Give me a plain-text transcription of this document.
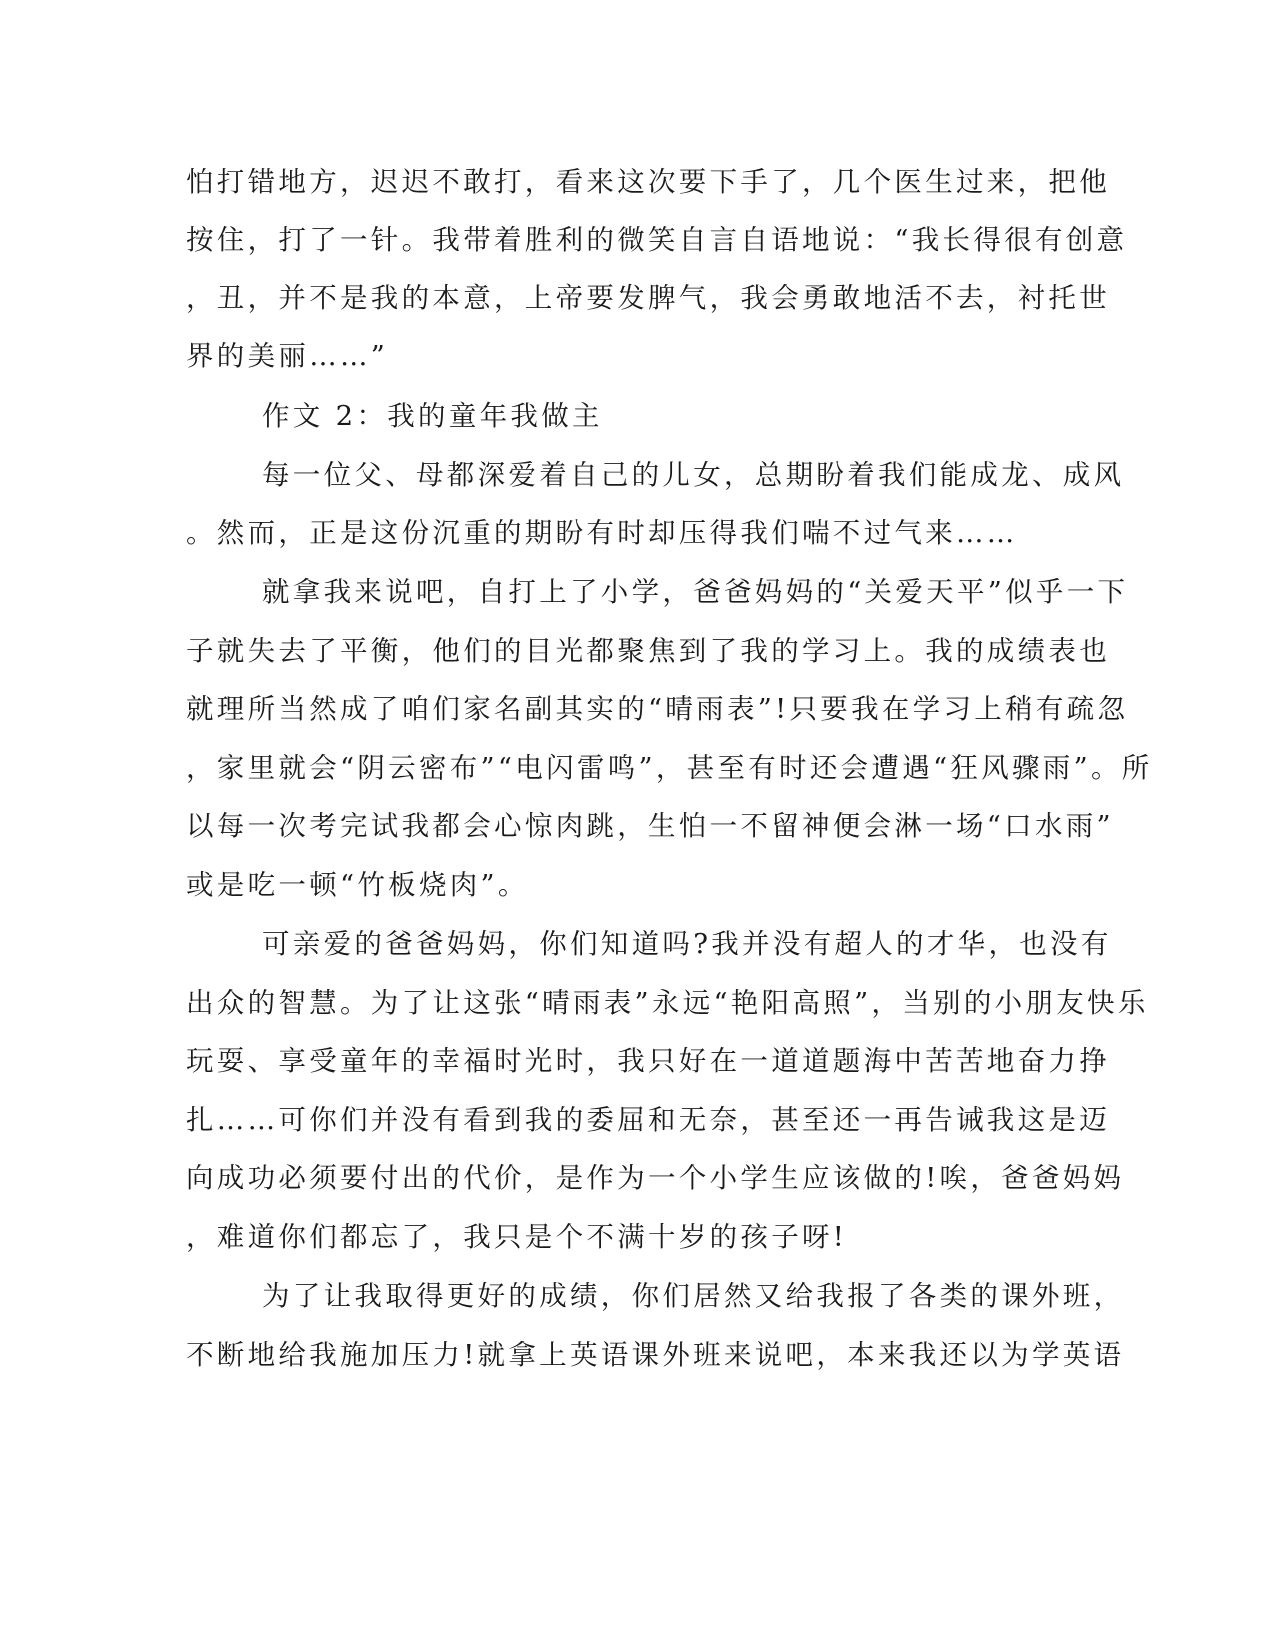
怕打错地方，迟迟不敢打，看来这次要下手了，几个医生过来，把他
按住，打了一针。我带着胜利的微笑自言自语地说：“我长得很有创意
，丑，并不是我的本意，上帝要发脾气，我会勇敢地活不去，衬托世
界的美丽……”
作文 2：我的童年我做主
每一位父、母都深爱着自己的儿女，总期盼着我们能成龙、成风
。然而，正是这份沉重的期盼有时却压得我们喘不过气来……
就拿我来说吧，自打上了小学，爸爸妈妈的“关爱天平”似乎一下
子就失去了平衡，他们的目光都聚焦到了我的学习上。我的成绩表也
就理所当然成了咱们家名副其实的“晴雨表”!只要我在学习上稍有疏忽
，家里就会“阴云密布”“电闪雷鸣”，甚至有时还会遭遇“狂风骤雨”。所
以每一次考完试我都会心惊肉跳，生怕一不留神便会淋一场“口水雨”
或是吃一顿“竹板烧肉”。
可亲爱的爸爸妈妈，你们知道吗?我并没有超人的才华，也没有
出众的智慧。为了让这张“晴雨表”永远“艳阳高照”，当别的小朋友快乐
玩耍、享受童年的幸福时光时，我只好在一道道题海中苦苦地奋力挣
扎……可你们并没有看到我的委屈和无奈，甚至还一再告诫我这是迈
向成功必须要付出的代价，是作为一个小学生应该做的!唉，爸爸妈妈
，难道你们都忘了，我只是个不满十岁的孩子呀!
为了让我取得更好的成绩，你们居然又给我报了各类的课外班，
不断地给我施加压力!就拿上英语课外班来说吧，本来我还以为学英语
